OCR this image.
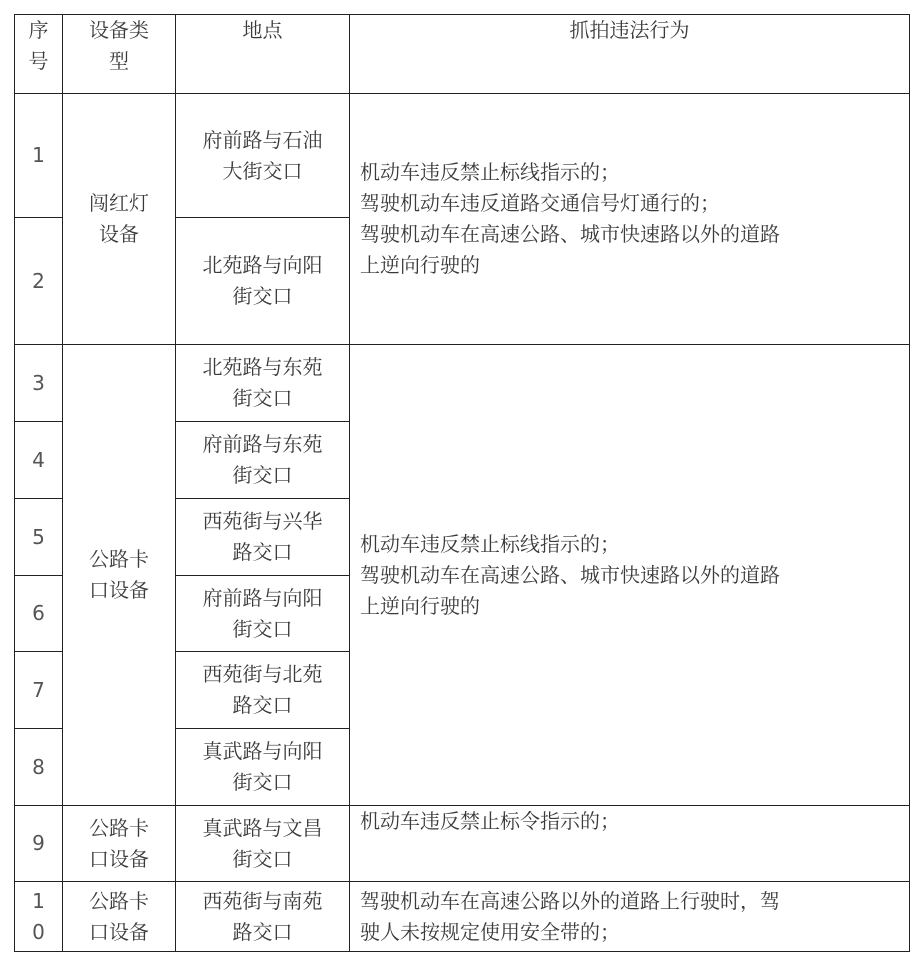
序
号	设备类
型	地点	抓拍违法行为

1	闯红灯
设备	府前路与石油
大街交口	机动车违反禁止标线指示的；
驾驶机动车违反道路交通信号灯通行的；
驾驶机动车在高速公路、城市快速路以外的道路
上逆向行驶的

2		北苑路与向阳
街交口	

3	公路卡
口设备	北苑路与东苑
街交口	机动车违反禁止标线指示的；
驾驶机动车在高速公路、城市快速路以外的道路
上逆向行驶的

4		府前路与东苑
街交口	

5		西苑街与兴华
路交口	

6		府前路与向阳
街交口	

7		西苑街与北苑
路交口	

8		真武路与向阳
街交口	

9	公路卡
口设备	真武路与文昌
街交口	机动车违反禁止标令指示的；

1
0	公路卡
口设备	西苑街与南苑
路交口	驾驶机动车在高速公路以外的道路上行驶时，驾
驶人未按规定使用安全带的；
